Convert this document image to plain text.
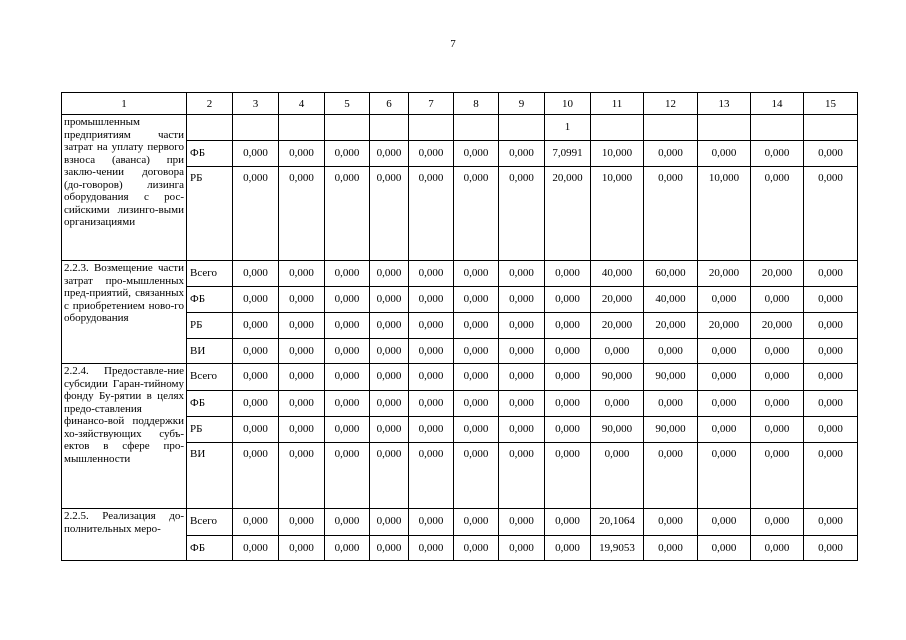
7
1	2	3	4	5	6	7	8	9	10	11	12	13	14	15
промышленным предприятиям части затрат на уплату первого взноса (аванса) при заклю-чении договора (до-говоров) лизинга оборудования с рос-сийскими лизинго-выми организациями									1					
	ФБ	0,000	0,000	0,000	0,000	0,000	0,000	0,000	7,0991	10,000	0,000	0,000	0,000	0,000
	РБ	0,000	0,000	0,000	0,000	0,000	0,000	0,000	20,000	10,000	0,000	10,000	0,000	0,000
2.2.3. Возмещение части затрат про-мышленных пред-приятий, связанных с приобретением ново-го оборудования	Всего	0,000	0,000	0,000	0,000	0,000	0,000	0,000	0,000	40,000	60,000	20,000	20,000	0,000
	ФБ	0,000	0,000	0,000	0,000	0,000	0,000	0,000	0,000	20,000	40,000	0,000	0,000	0,000
	РБ	0,000	0,000	0,000	0,000	0,000	0,000	0,000	0,000	20,000	20,000	20,000	20,000	0,000
	ВИ	0,000	0,000	0,000	0,000	0,000	0,000	0,000	0,000	0,000	0,000	0,000	0,000	0,000
2.2.4. Предоставле-ние субсидии Гаран-тийному фонду Бу-рятии в целях предо-ставления финансо-вой поддержки хо-зяйствующих субъ-ектов в сфере про-мышленности	Всего	0,000	0,000	0,000	0,000	0,000	0,000	0,000	0,000	90,000	90,000	0,000	0,000	0,000
	ФБ	0,000	0,000	0,000	0,000	0,000	0,000	0,000	0,000	0,000	0,000	0,000	0,000	0,000
	РБ	0,000	0,000	0,000	0,000	0,000	0,000	0,000	0,000	90,000	90,000	0,000	0,000	0,000
	ВИ	0,000	0,000	0,000	0,000	0,000	0,000	0,000	0,000	0,000	0,000	0,000	0,000	0,000
2.2.5. Реализация до-полнительных меро-	Всего	0,000	0,000	0,000	0,000	0,000	0,000	0,000	0,000	20,1064	0,000	0,000	0,000	0,000
	ФБ	0,000	0,000	0,000	0,000	0,000	0,000	0,000	0,000	19,9053	0,000	0,000	0,000	0,000
